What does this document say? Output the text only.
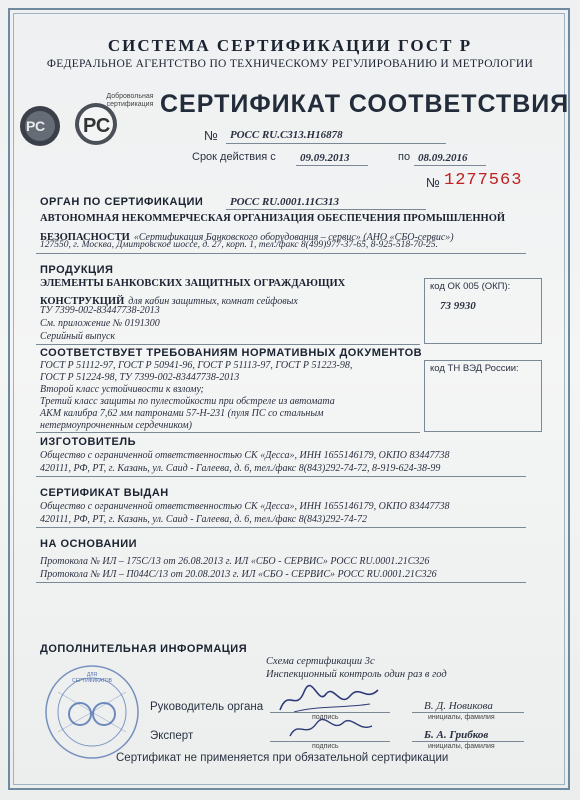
СИСТЕМА СЕРТИФИКАЦИИ ГОСТ Р
ФЕДЕРАЛЬНОЕ АГЕНТСТВО ПО ТЕХНИЧЕСКОМУ РЕГУЛИРОВАНИЮ И МЕТРОЛОГИИ
РС РС
Добровольная сертификация СЕРТИФИКАТ СООТВЕТСТВИЯ
№ РОСС RU.С313.Н16878
Срок действия с 09.09.2013	по 08.09.2016
№ 1277563
ОРГАН ПО СЕРТИФИКАЦИИ РОСС RU.0001.11С313
АВТОНОМНАЯ НЕКОММЕРЧЕСКАЯ ОРГАНИЗАЦИЯ ОБЕСПЕЧЕНИЯ ПРОМЫШЛЕННОЙ
БЕЗОПАСНОСТИ «Сертификация Банковского оборудования – сервис» (АНО «СБО-сервис»)
127550, г. Москва, Дмитровское шоссе, д. 27, корп. 1, тел./факс 8(499)977-37-65, 8-925-518-70-25.
ПРОДУКЦИЯ
ЭЛЕМЕНТЫ БАНКОВСКИХ ЗАЩИТНЫХ ОГРАЖДАЮЩИХ
КОНСТРУКЦИЙ для кабин защитных, комнат сейфовых
ТУ 7399-002-83447738-2013
См. приложение № 0191300
Серийный выпуск
код ОК 005 (ОКП):
73 9930
СООТВЕТСТВУЕТ ТРЕБОВАНИЯМ НОРМАТИВНЫХ ДОКУМЕНТОВ
ГОСТ Р 51112-97, ГОСТ Р 50941-96, ГОСТ Р 51113-97, ГОСТ Р 51223-98,
ГОСТ Р 51224-98, ТУ 7399-002-83447738-2013
Второй класс устойчивости к взлому;
Третий класс защиты по пулестойкости при обстреле из автомата
АКМ калибра 7,62 мм патронами 57-Н-231 (пуля ПС со стальным
нетермоупрочненным сердечником)
код ТН ВЭД России:
ИЗГОТОВИТЕЛЬ
Общество с ограниченной ответственностью СК «Десса», ИНН 1655146179, ОКПО 83447738
420111, РФ, РТ, г. Казань, ул. Саид - Галеева, д. 6, тел./факс 8(843)292-74-72, 8-919-624-38-99
СЕРТИФИКАТ ВЫДАН
Общество с ограниченной ответственностью СК «Десса», ИНН 1655146179, ОКПО 83447738
420111, РФ, РТ, г. Казань, ул. Саид - Галеева, д. 6, тел./факс 8(843)292-74-72
НА ОСНОВАНИИ
Протокола № ИЛ – 175С/13 от 26.08.2013 г. ИЛ «СБО - СЕРВИС» РОСС RU.0001.21С326
Протокола № ИЛ – П044С/13 от 20.08.2013 г. ИЛ «СБО - СЕРВИС» РОСС RU.0001.21С326
ДОПОЛНИТЕЛЬНАЯ ИНФОРМАЦИЯ
Схема сертификации 3с
Инспекционный контроль один раз в год
ДЛЯ СЕРТИФИКАТОВ
Руководитель органа
подпись
В. Д. Новикова
инициалы, фамилия
Эксперт
подпись
Б. А. Грибков
инициалы, фамилия
Сертификат не применяется при обязательной сертификации
